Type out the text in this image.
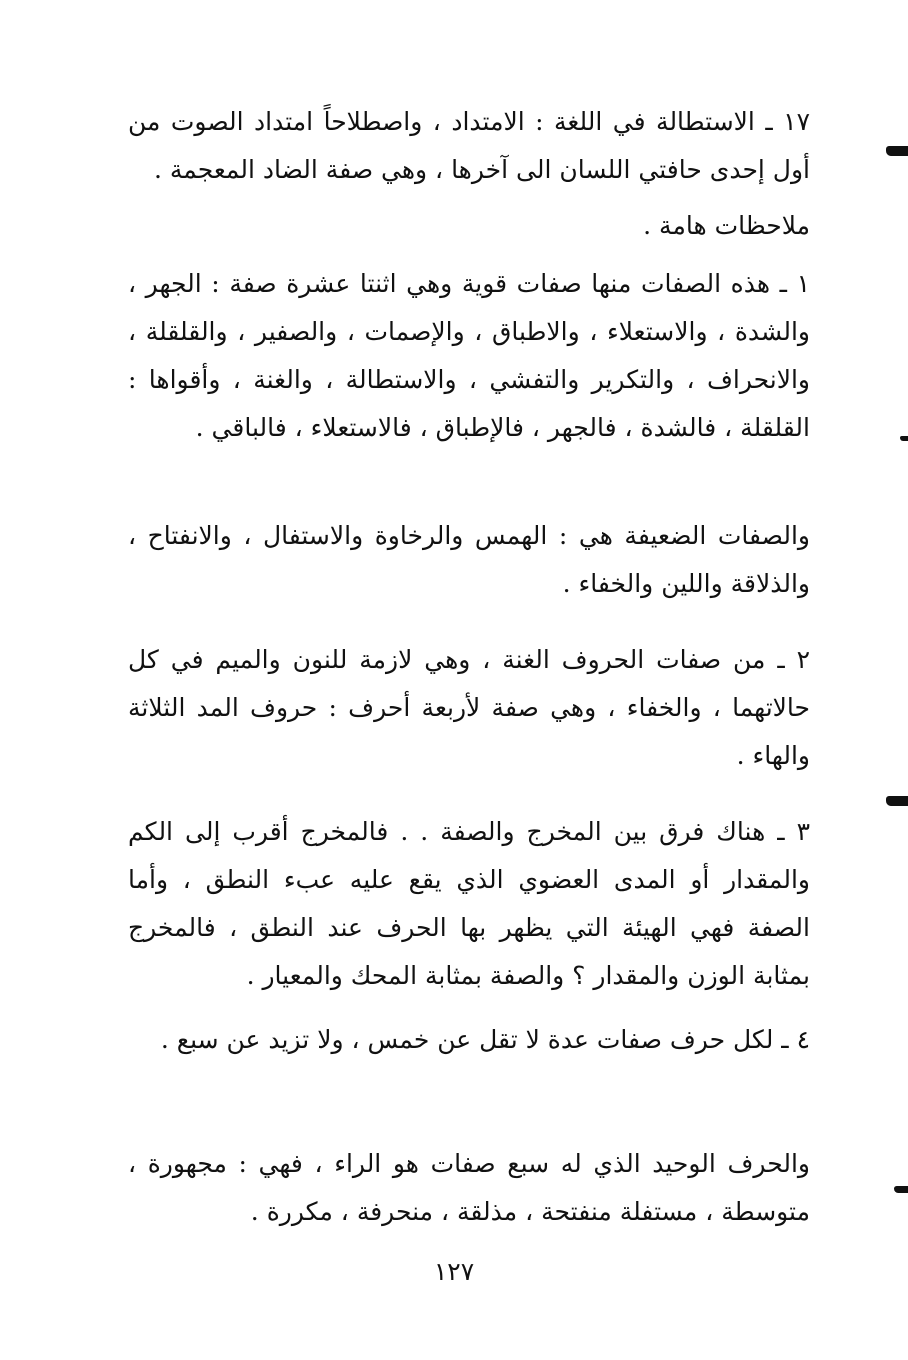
١٧ ـ الاستطالة في اللغة : الامتداد ، واصطلاحاً امتداد الصوت من أول إحدى حافتي اللسان الى آخرها ، وهي صفة الضاد المعجمة .
ملاحظات هامة .
١ ـ هذه الصفات منها صفات قوية وهي اثنتا عشرة صفة : الجهر ، والشدة ، والاستعلاء ، والاطباق ، والإصمات ، والصفير ، والقلقلة ، والانحراف ، والتكرير والتفشي ، والاستطالة ، والغنة ، وأقواها : القلقلة ، فالشدة ، فالجهر ، فالإطباق ، فالاستعلاء ، فالباقي .
والصفات الضعيفة هي : الهمس والرخاوة والاستفال ، والانفتاح ، والذلاقة واللين والخفاء .
٢ ـ من صفات الحروف الغنة ، وهي لازمة للنون والميم في كل حالاتهما ، والخفاء ، وهي صفة لأربعة أحرف : حروف المد الثلاثة والهاء .
٣ ـ هناك فرق بين المخرج والصفة . . فالمخرج أقرب إلى الكم والمقدار أو المدى العضوي الذي يقع عليه عبء النطق ، وأما الصفة فهي الهيئة التي يظهر بها الحرف عند النطق ، فالمخرج بمثابة الوزن والمقدار ؟ والصفة بمثابة المحك والمعيار .
٤ ـ لكل حرف صفات عدة لا تقل عن خمس ، ولا تزيد عن سبع .
والحرف الوحيد الذي له سبع صفات هو الراء ، فهي : مجهورة ، متوسطة ، مستفلة منفتحة ، مذلقة ، منحرفة ، مكررة .
١٢٧
